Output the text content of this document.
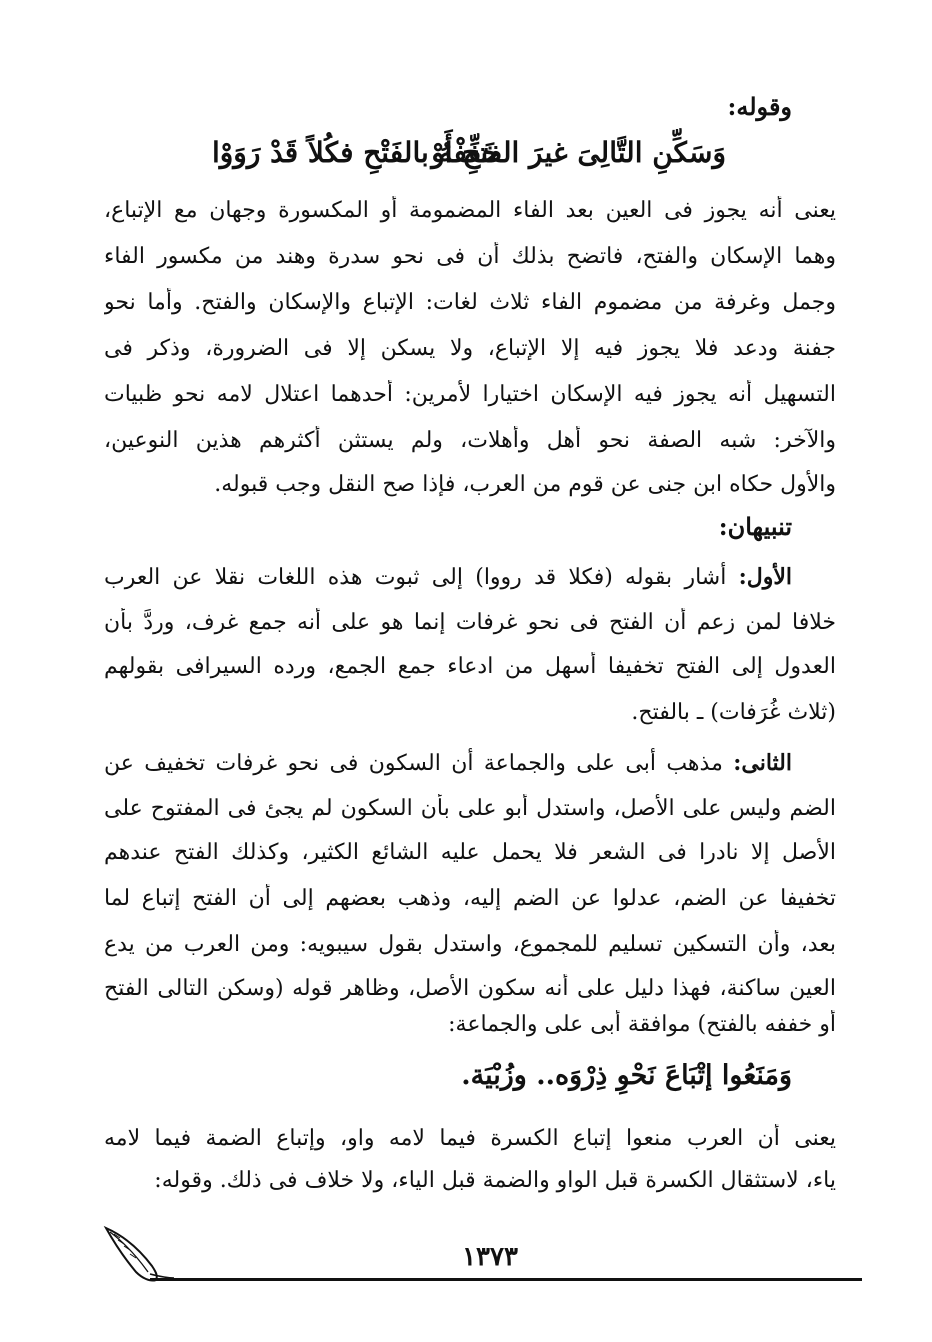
وقوله:
وَسَكِّنِ التَّالِىَ غيرَ الفتحِ أَوْ
خَفِّفْهُ بالفَتْحِ فكُلاً قَدْ رَوَوْا
يعنى أنه يجوز فى العين بعد الفاء المضمومة أو المكسورة وجهان مع الإتباع،
وهما الإسكان والفتح، فاتضح بذلك أن فى نحو سدرة وهند من مكسور الفاء
وجمل وغرفة من مضموم الفاء ثلاث لغات: الإتباع والإسكان والفتح. وأما نحو
جفنة ودعد فلا يجوز فيه إلا الإتباع، ولا يسكن إلا فى الضرورة، وذكر فى
التسهيل أنه يجوز فيه الإسكان اختيارا لأمرين: أحدهما اعتلال لامه نحو ظبيات
والآخر: شبه الصفة نحو أهل وأهلات، ولم يستثن أكثرهم هذين النوعين،
والأول حكاه ابن جنى عن قوم من العرب، فإذا صح النقل وجب قبوله.
تنبيهان:
الأول: أشار بقوله (فكلا قد رووا) إلى ثبوت هذه اللغات نقلا عن العرب
خلافا لمن زعم أن الفتح فى نحو غرفات إنما هو على أنه جمع غرف، وردَّ بأن
العدول إلى الفتح تخفيفا أسهل من ادعاء جمع الجمع، ورده السيرافى بقولهم
(ثلاث غُرَفات) ـ بالفتح.
الثانى: مذهب أبى على والجماعة أن السكون فى نحو غرفات تخفيف عن
الضم وليس على الأصل، واستدل أبو على بأن السكون لم يجئ فى المفتوح على
الأصل إلا نادرا فى الشعر فلا يحمل عليه الشائع الكثير، وكذلك الفتح عندهم
تخفيفا عن الضم، عدلوا عن الضم إليه، وذهب بعضهم إلى أن الفتح إتباع لما
بعد، وأن التسكين تسليم للمجموع، واستدل بقول سيبويه: ومن العرب من يدع
العين ساكنة، فهذا دليل على أنه سكون الأصل، وظاهر قوله (وسكن التالى الفتح
أو خففه بالفتح) موافقة أبى على والجماعة:
وَمَنَعُوا إتْبَاعَ نَحْوِ ذِرْوَه.. وزُبْيَة.
يعنى أن العرب منعوا إتباع الكسرة فيما لامه واو، وإتباع الضمة فيما لامه
ياء، لاستثقال الكسرة قبل الواو والضمة قبل الياء، ولا خلاف فى ذلك. وقوله:
١٣٧٣
